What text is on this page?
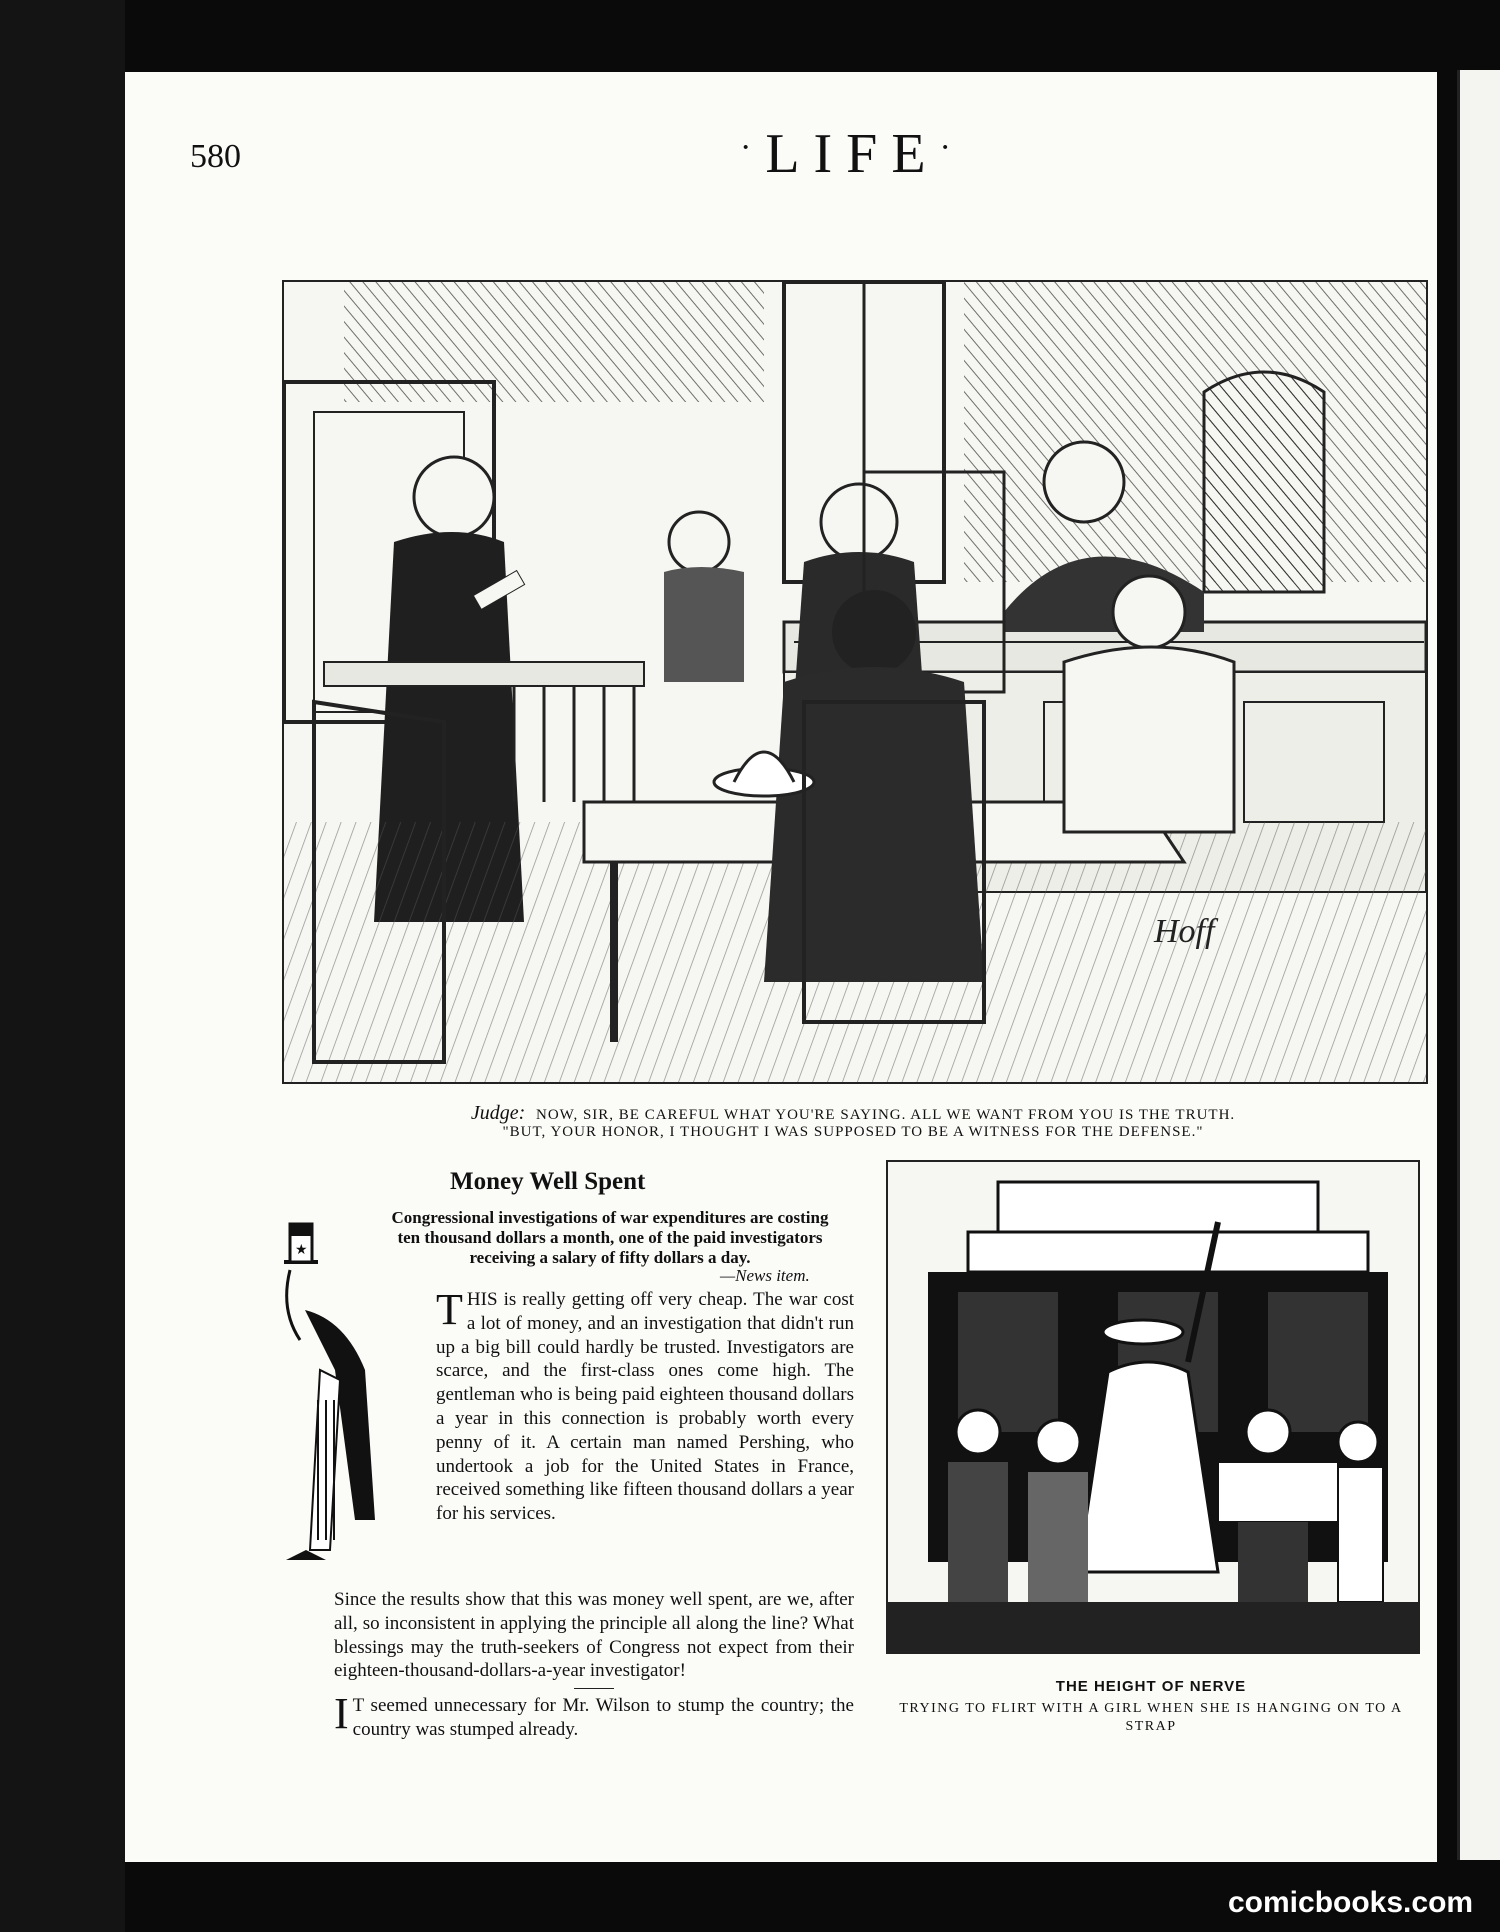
580
·	LIFE ·
Hoff
Judge: NOW, SIR, BE CAREFUL WHAT YOU'RE SAYING. ALL WE WANT FROM YOU IS THE TRUTH.
"BUT, YOUR HONOR, I THOUGHT I WAS SUPPOSED TO BE A WITNESS FOR THE DEFENSE."
Money Well Spent
Congressional investigations of war expenditures are costing ten thousand dollars a month, one of the paid investigators receiving a salary of fifty dollars a day.
—News item.
★
THIS is really getting off very cheap. The war cost a lot of money, and an investigation that didn't run up a big bill could hardly be trusted. Investigators are scarce, and the first-class ones come high. The gentleman who is being paid eighteen thousand dollars a year in this connection is probably worth every penny of it. A certain man named Pershing, who undertook a job for the United States in France, received something like fifteen thousand dollars a year for his services.
Since the results show that this was money well spent, are we, after all, so inconsistent in applying the principle all along the line? What blessings may the truth-seekers of Congress not expect from their eighteen-thousand-dollars-a-year investigator!
I T seemed unnecessary for Mr. Wilson to stump the country; the country was stumped already.
THE HEIGHT OF NERVE
TRYING TO FLIRT WITH A GIRL WHEN SHE IS HANGING ON TO A STRAP
comicbooks.com
